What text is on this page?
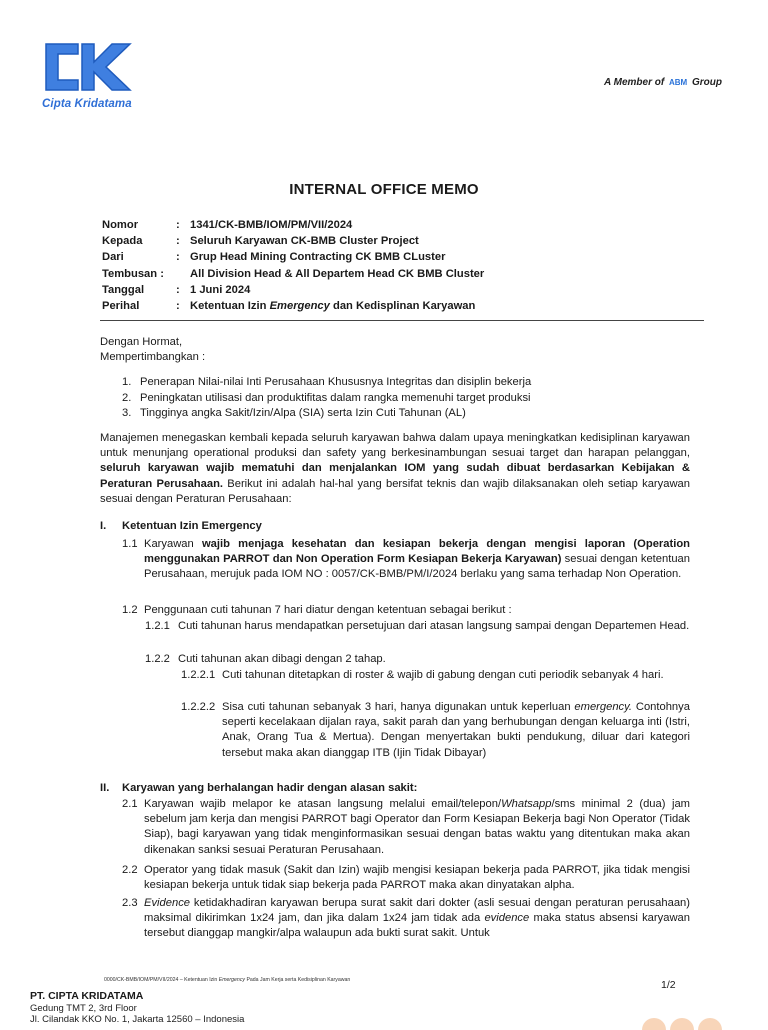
Cipta Kridatama
A Member of ABM Group
INTERNAL OFFICE MEMO
Nomor	: 1341/CK-BMB/IOM/PM/VII/2024
Kepada	: Seluruh Karyawan CK-BMB Cluster Project
Dari	: Grup Head Mining Contracting CK BMB CLuster
Tembusan :	All Division Head & All Departem Head CK BMB Cluster
Tanggal	: 1 Juni 2024
Perihal	: Ketentuan Izin Emergency dan Kedisplinan Karyawan
Dengan Hormat,
Mempertimbangkan :
1. Penerapan Nilai-nilai Inti Perusahaan Khususnya Integritas dan disiplin bekerja
2. Peningkatan utilisasi dan produktifitas dalam rangka memenuhi target produksi
3. Tingginya angka Sakit/Izin/Alpa (SIA) serta Izin Cuti Tahunan (AL)
Manajemen menegaskan kembali kepada seluruh karyawan bahwa dalam upaya meningkatkan kedisiplinan karyawan untuk menunjang operational produksi dan safety yang berkesinambungan sesuai target dan harapan pelanggan, seluruh karyawan wajib mematuhi dan menjalankan IOM yang sudah dibuat berdasarkan Kebijakan & Peraturan Perusahaan. Berikut ini adalah hal-hal yang bersifat teknis dan wajib dilaksanakan oleh setiap karyawan sesuai dengan Peraturan Perusahaan:
I.	Ketentuan Izin Emergency
1.1 Karyawan wajib menjaga kesehatan dan kesiapan bekerja dengan mengisi laporan (Operation menggunakan PARROT dan Non Operation Form Kesiapan Bekerja Karyawan) sesuai dengan ketentuan Perusahaan, merujuk pada IOM NO : 0057/CK-BMB/PM/I/2024 berlaku yang sama terhadap Non Operation.
1.2 Penggunaan cuti tahunan 7 hari diatur dengan ketentuan sebagai berikut :
1.2.1 Cuti tahunan harus mendapatkan persetujuan dari atasan langsung sampai dengan Departemen Head.
1.2.2 Cuti tahunan akan dibagi dengan 2 tahap.
1.2.2.1 Cuti tahunan ditetapkan di roster & wajib di gabung dengan cuti periodik sebanyak 4 hari.
1.2.2.2 Sisa cuti tahunan sebanyak 3 hari, hanya digunakan untuk keperluan emergency. Contohnya seperti kecelakaan dijalan raya, sakit parah dan yang berhubungan dengan keluarga inti (Istri, Anak, Orang Tua & Mertua). Dengan menyertakan bukti pendukung, diluar dari kategori tersebut maka akan dianggap ITB (Ijin Tidak Dibayar)
II.	Karyawan yang berhalangan hadir dengan alasan sakit:
2.1 Karyawan wajib melapor ke atasan langsung melalui email/telepon/Whatsapp/sms minimal 2 (dua) jam sebelum jam kerja dan mengisi PARROT bagi Operator dan Form Kesiapan Bekerja bagi Non Operator (Tidak Siap), bagi karyawan yang tidak menginformasikan sesuai dengan batas waktu yang ditentukan maka akan dikenakan sanksi sesuai Peraturan Perusahaan.
2.2 Operator yang tidak masuk (Sakit dan Izin) wajib mengisi kesiapan bekerja pada PARROT, jika tidak mengisi kesiapan bekerja untuk tidak siap bekerja pada PARROT maka akan dinyatakan alpha.
2.3 Evidence ketidakhadiran karyawan berupa surat sakit dari dokter (asli sesuai dengan peraturan perusahaan) maksimal dikirimkan 1x24 jam, dan jika dalam 1x24 jam tidak ada evidence maka status absensi karyawan tersebut dianggap mangkir/alpa walaupun ada bukti surat sakit. Untuk
0000/CK-BMB/IOM/PM/VII/2024 – Ketentuan Izin Emergency Pada Jam Kerja serta Kedisiplinan Karyawan	1/2
PT. CIPTA KRIDATAMA
Gedung TMT 2, 3rd Floor
Jl. Cilandak KKO No. 1, Jakarta 12560 – Indonesia
